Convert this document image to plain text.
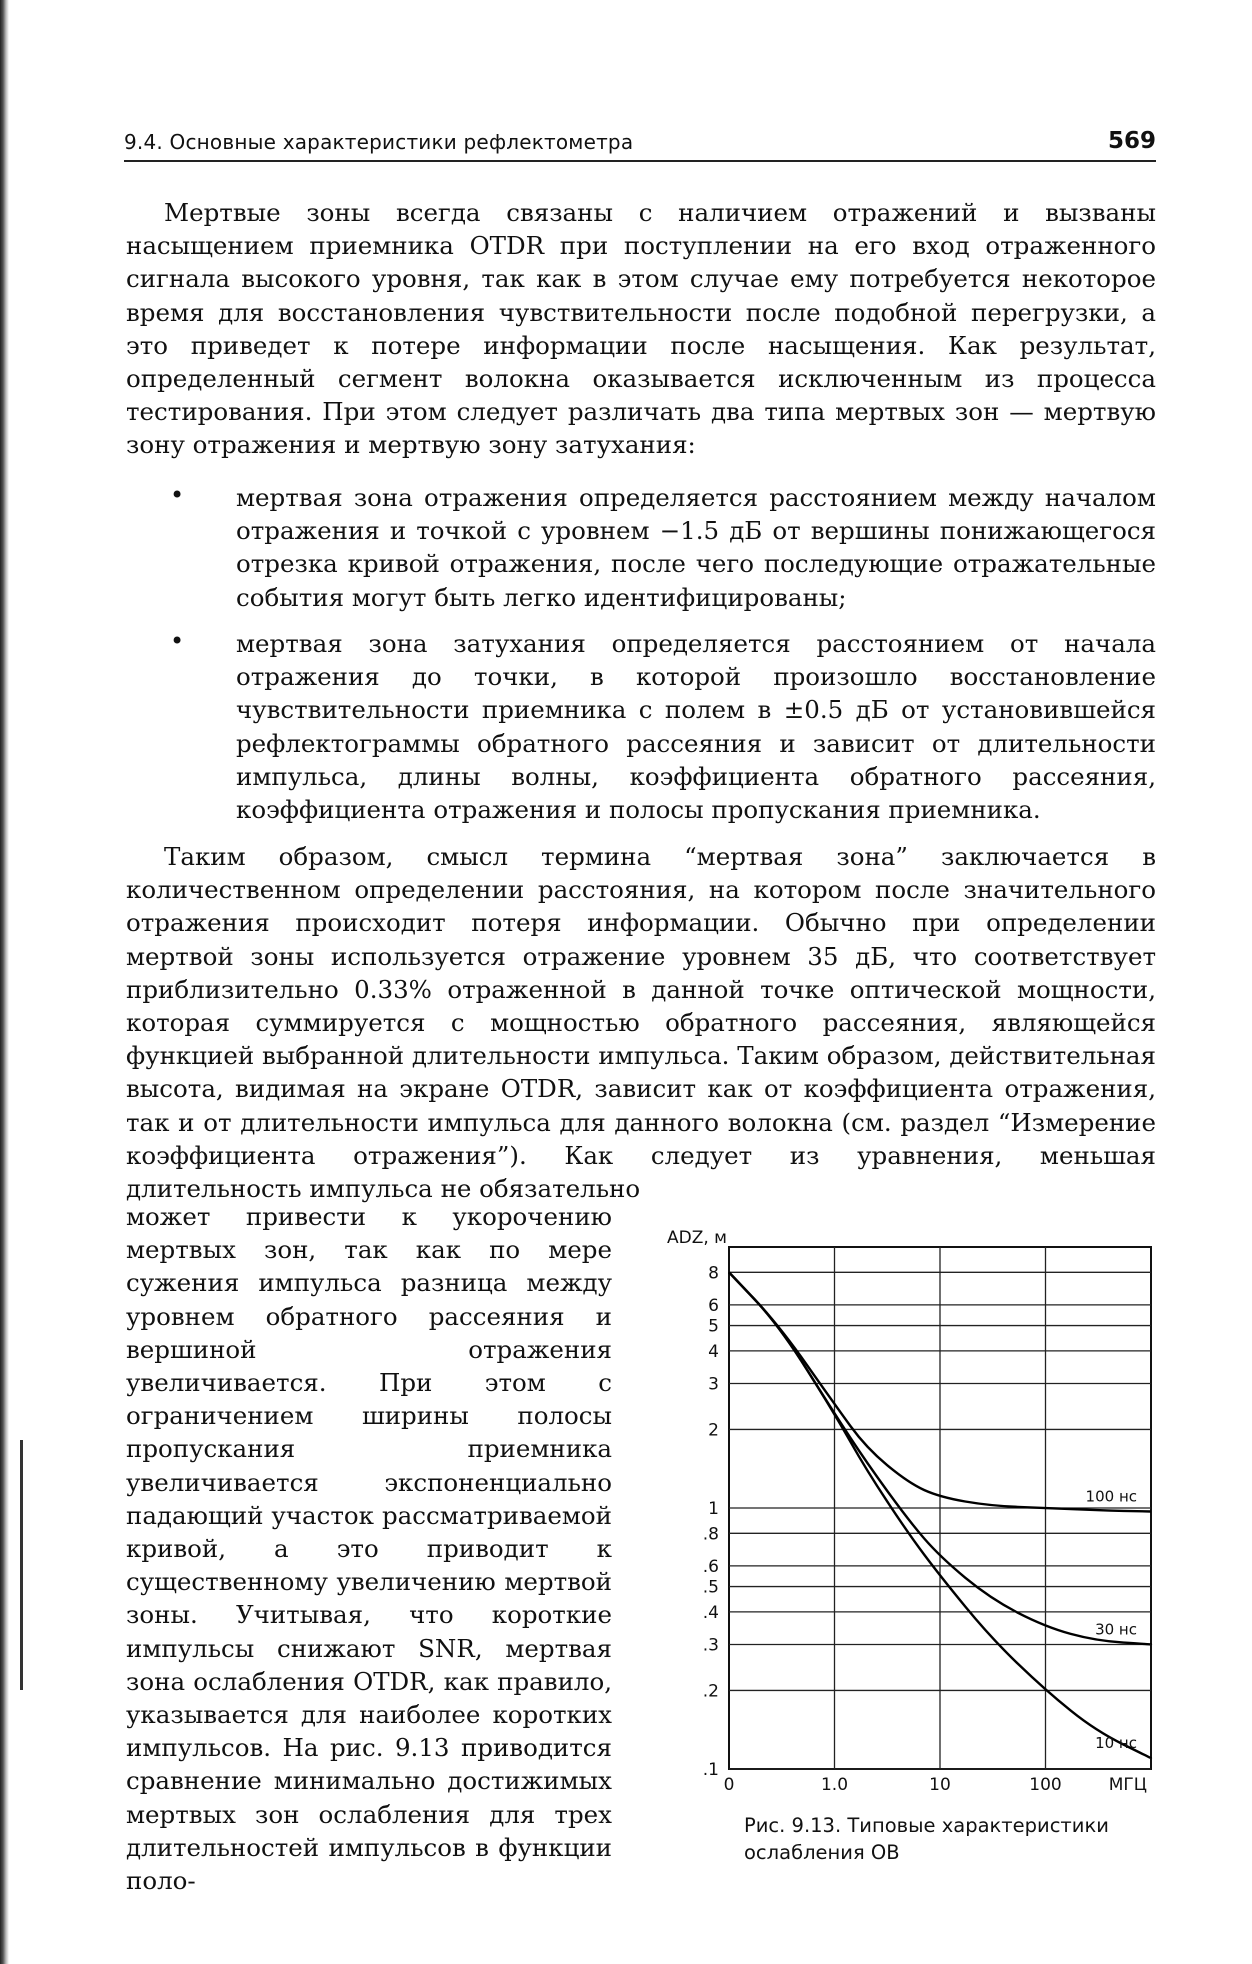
9.4. Основные характеристики рефлектометра	569
Мертвые зоны всегда связаны с наличием отражений и вызваны насыщением приемника OTDR при поступлении на его вход отраженного сигнала высокого уровня, так как в этом случае ему потребуется некоторое время для восстановления чувствительности после подобной перегрузки, а это приведет к потере информации после насыщения. Как результат, определенный сегмент волокна оказывается исключенным из процесса тестирования. При этом следует различать два типа мертвых зон — мертвую зону отражения и мертвую зону затухания:
• мертвая зона отражения определяется расстоянием между началом отражения и точкой с уровнем −1.5 дБ от вершины понижающегося отрезка кривой отражения, после чего последующие отражательные события могут быть легко идентифицированы;
• мертвая зона затухания определяется расстоянием от начала отражения до точки, в которой произошло восстановление чувствительности приемника с полем в ±0.5 дБ от установившейся рефлектограммы обратного рассеяния и зависит от длительности импульса, длины волны, коэффициента обратного рассеяния, коэффициента отражения и полосы пропускания приемника.
Таким образом, смысл термина “мертвая зона” заключается в количественном определении расстояния, на котором после значительного отражения происходит потеря информации. Обычно при определении мертвой зоны используется отражение уровнем 35 дБ, что соответствует приблизительно 0.33% отраженной в данной точке оптической мощности, которая суммируется с мощностью обратного рассеяния, являющейся функцией выбранной длительности импульса. Таким образом, действительная высота, видимая на экране OTDR, зависит как от коэффициента отражения, так и от длительности импульса для данного волокна (см. раздел “Измерение коэффициента отражения”). Как следует из уравнения, меньшая длительность импульса не обязательно
может привести к укорочению мертвых зон, так как по мере сужения импульса разница между уровнем обратного рассеяния и вершиной отражения увеличивается. При этом с ограничением ширины полосы пропускания приемника увеличивается экспоненциально падающий участок рассматриваемой кривой, а это приводит к существенному увеличению мертвой зоны. Учитывая, что короткие импульсы снижают SNR, мертвая зона ослабления OTDR, как правило, указывается для наиболее коротких импульсов. На рис. 9.13 приводится сравнение минимально достижимых мертвых зон ослабления для трех длительностей импульсов в функции поло-
8
6
5
4
3
2
1
.8
.6
.5
.4
.3
.2
.1
0	1.0	10	100	МГЦ
ADZ, м
100 нс
30 нс
10 нс
Рис. 9.13. Типовые характеристики ослабления ОВ
